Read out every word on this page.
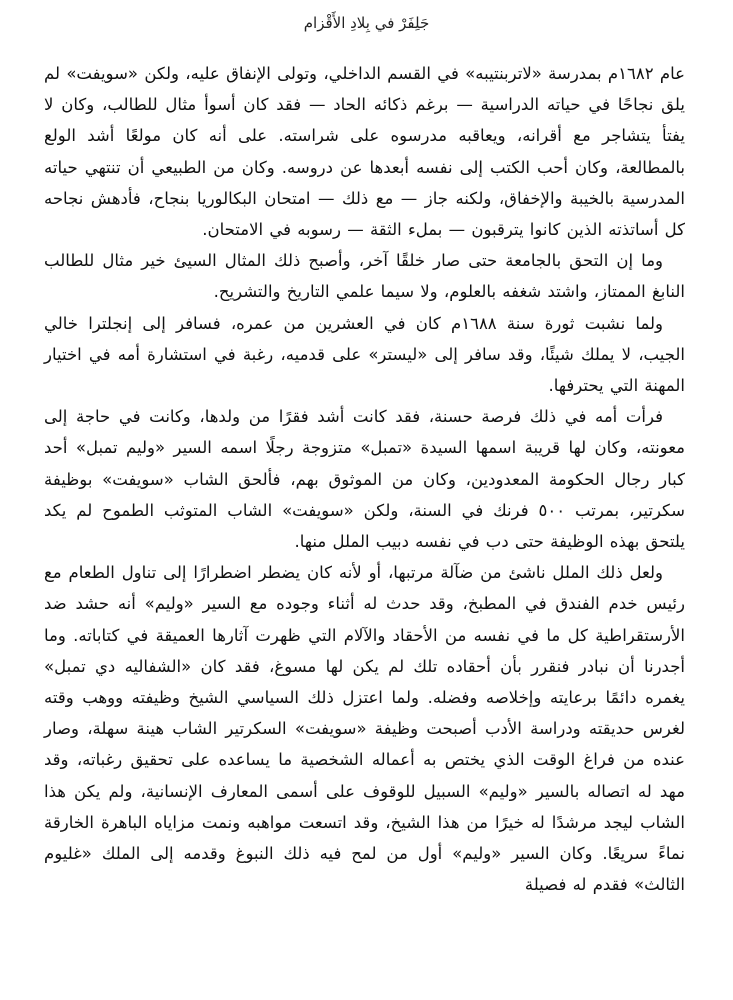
جَلِفَرْ في بِلادِ الأَقْزام

عام ١٦٨٢م بمدرسة «لاتربنتيبه» في القسم الداخلي، وتولى الإنفاق عليه، ولكن «سويفت» لم يلق نجاحًا في حياته الدراسية — برغم ذكائه الحاد — فقد كان أسوأ مثال للطالب، وكان لا يفتأ يتشاجر مع أقرانه، ويعاقبه مدرسوه على شراسته. على أنه كان مولعًا أشد الولع بالمطالعة، وكان أحب الكتب إلى نفسه أبعدها عن دروسه. وكان من الطبيعي أن تنتهي حياته المدرسية بالخيبة والإخفاق، ولكنه جاز — مع ذلك — امتحان البكالوريا بنجاح، فأدهش نجاحه كل أساتذته الذين كانوا يترقبون — بملء الثقة — رسوبه في الامتحان.

وما إن التحق بالجامعة حتى صار خلقًا آخر، وأصبح ذلك المثال السيئ خير مثال للطالب النابغ الممتاز، واشتد شغفه بالعلوم، ولا سيما علمي التاريخ والتشريح.

ولما نشبت ثورة سنة ١٦٨٨م كان في العشرين من عمره، فسافر إلى إنجلترا خالي الجيب، لا يملك شيئًا، وقد سافر إلى «ليستر» على قدميه، رغبة في استشارة أمه في اختيار المهنة التي يحترفها.

فرأت أمه في ذلك فرصة حسنة، فقد كانت أشد فقرًا من ولدها، وكانت في حاجة إلى معونته، وكان لها قريبة اسمها السيدة «تمبل» متزوجة رجلًا اسمه السير «وليم تمبل» أحد كبار رجال الحكومة المعدودين، وكان من الموثوق بهم، فألحق الشاب «سويفت» بوظيفة سكرتير، بمرتب ٥٠٠ فرنك في السنة، ولكن «سويفت» الشاب المتوثب الطموح لم يكد يلتحق بهذه الوظيفة حتى دب في نفسه دبيب الملل منها.

ولعل ذلك الملل ناشئ من ضآلة مرتبها، أو لأنه كان يضطر اضطرارًا إلى تناول الطعام مع رئيس خدم الفندق في المطبخ، وقد حدث له أثناء وجوده مع السير «وليم» أنه حشد ضد الأرستقراطية كل ما في نفسه من الأحقاد والآلام التي ظهرت آثارها العميقة في كتاباته. وما أجدرنا أن نبادر فنقرر بأن أحقاده تلك لم يكن لها مسوغ، فقد كان «الشفاليه دي تمبل» يغمره دائمًا برعايته وإخلاصه وفضله. ولما اعتزل ذلك السياسي الشيخ وظيفته ووهب وقته لغرس حديقته ودراسة الأدب أصبحت وظيفة «سويفت» السكرتير الشاب هينة سهلة، وصار عنده من فراغ الوقت الذي يختص به أعماله الشخصية ما يساعده على تحقيق رغباته، وقد مهد له اتصاله بالسير «وليم» السبيل للوقوف على أسمى المعارف الإنسانية، ولم يكن هذا الشاب ليجد مرشدًا له خيرًا من هذا الشيخ، وقد اتسعت مواهبه ونمت مزاياه الباهرة الخارقة نماءً سريعًا. وكان السير «وليم» أول من لمح فيه ذلك النبوغ وقدمه إلى الملك «غليوم الثالث» فقدم له فصيلة
